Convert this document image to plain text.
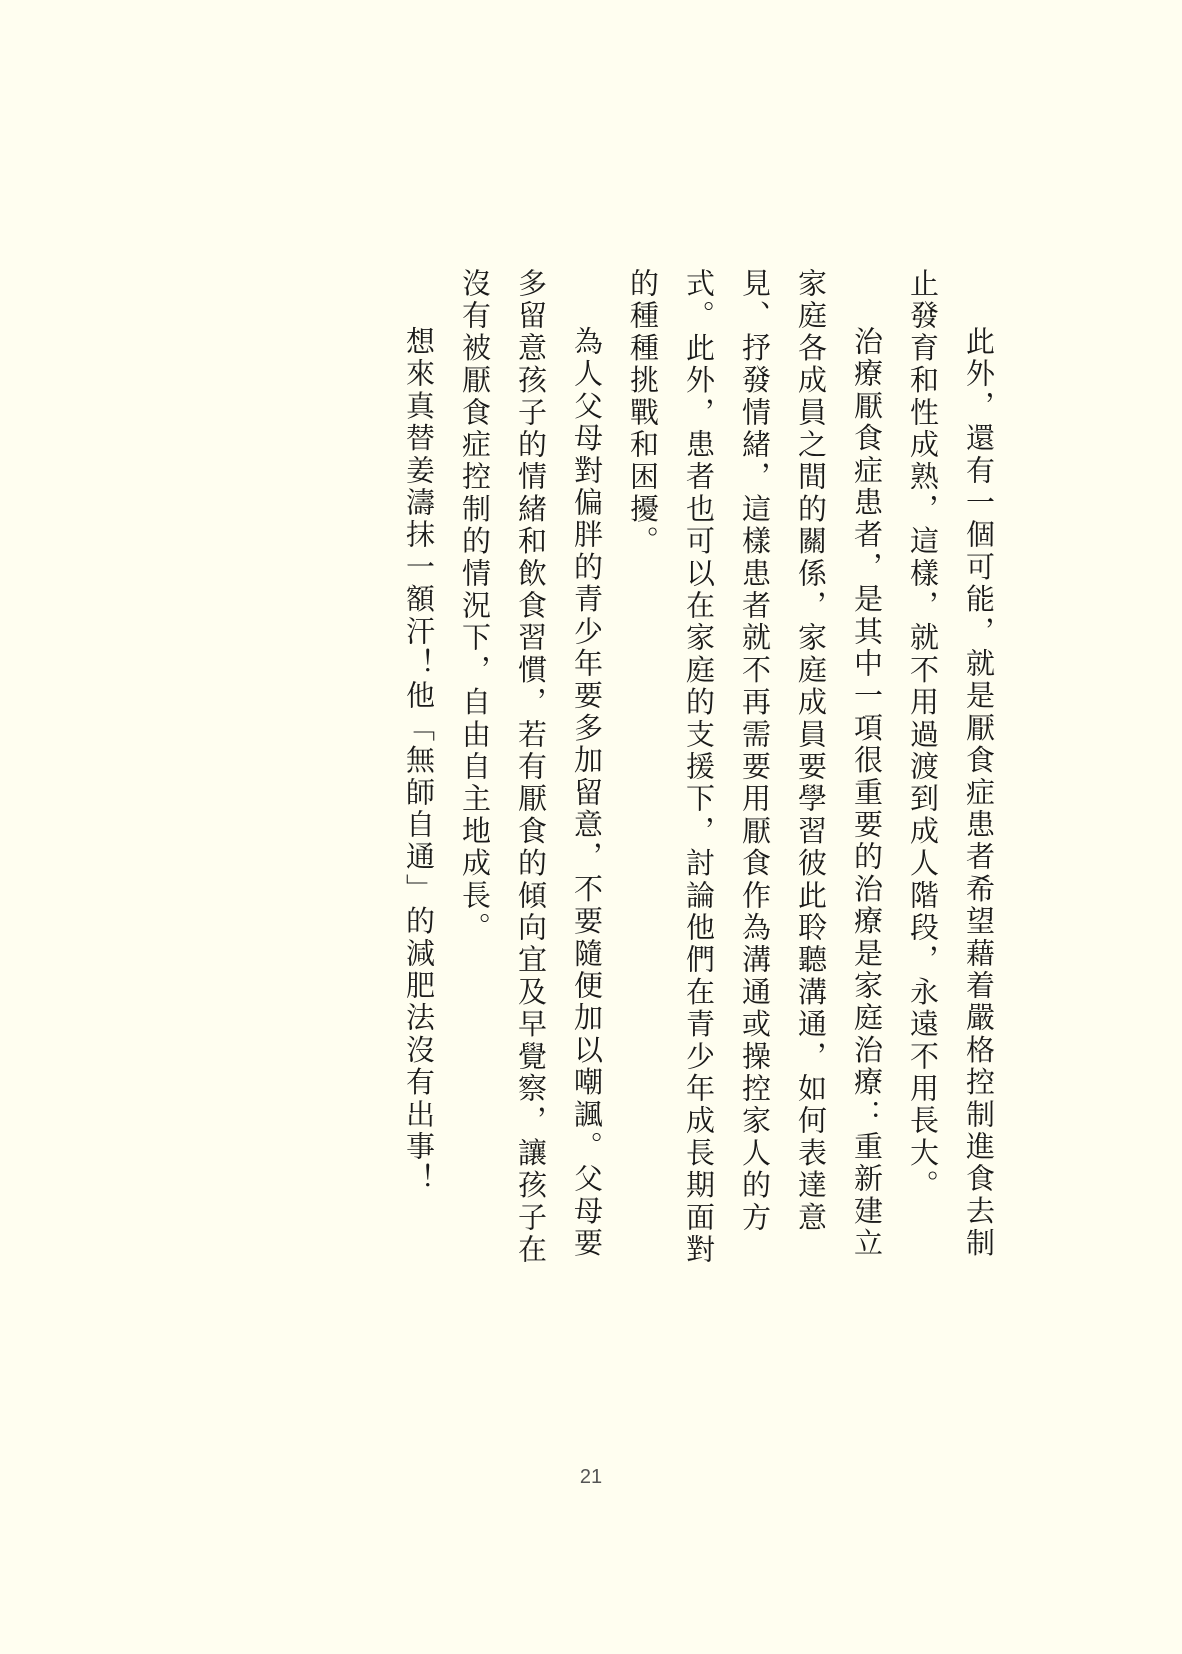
此外，還有一個可能，就是厭食症患者希望藉着嚴格控制進食去制止發育和性成熟，這樣，就不用過渡到成人階段，永遠不用長大。

治療厭食症患者，是其中一項很重要的治療是家庭治療：重新建立家庭各成員之間的關係，家庭成員要學習彼此聆聽溝通，如何表達意見、抒發情緒，這樣患者就不再需要用厭食作為溝通或操控家人的方式。此外，患者也可以在家庭的支援下，討論他們在青少年成長期面對的種種挑戰和困擾。

為人父母對偏胖的青少年要多加留意，不要隨便加以嘲諷。父母要多留意孩子的情緒和飲食習慣，若有厭食的傾向宜及早覺察，讓孩子在沒有被厭食症控制的情況下，自由自主地成長。

想來真替姜濤抹一額汗！他「無師自通」的減肥法沒有出事！

21
